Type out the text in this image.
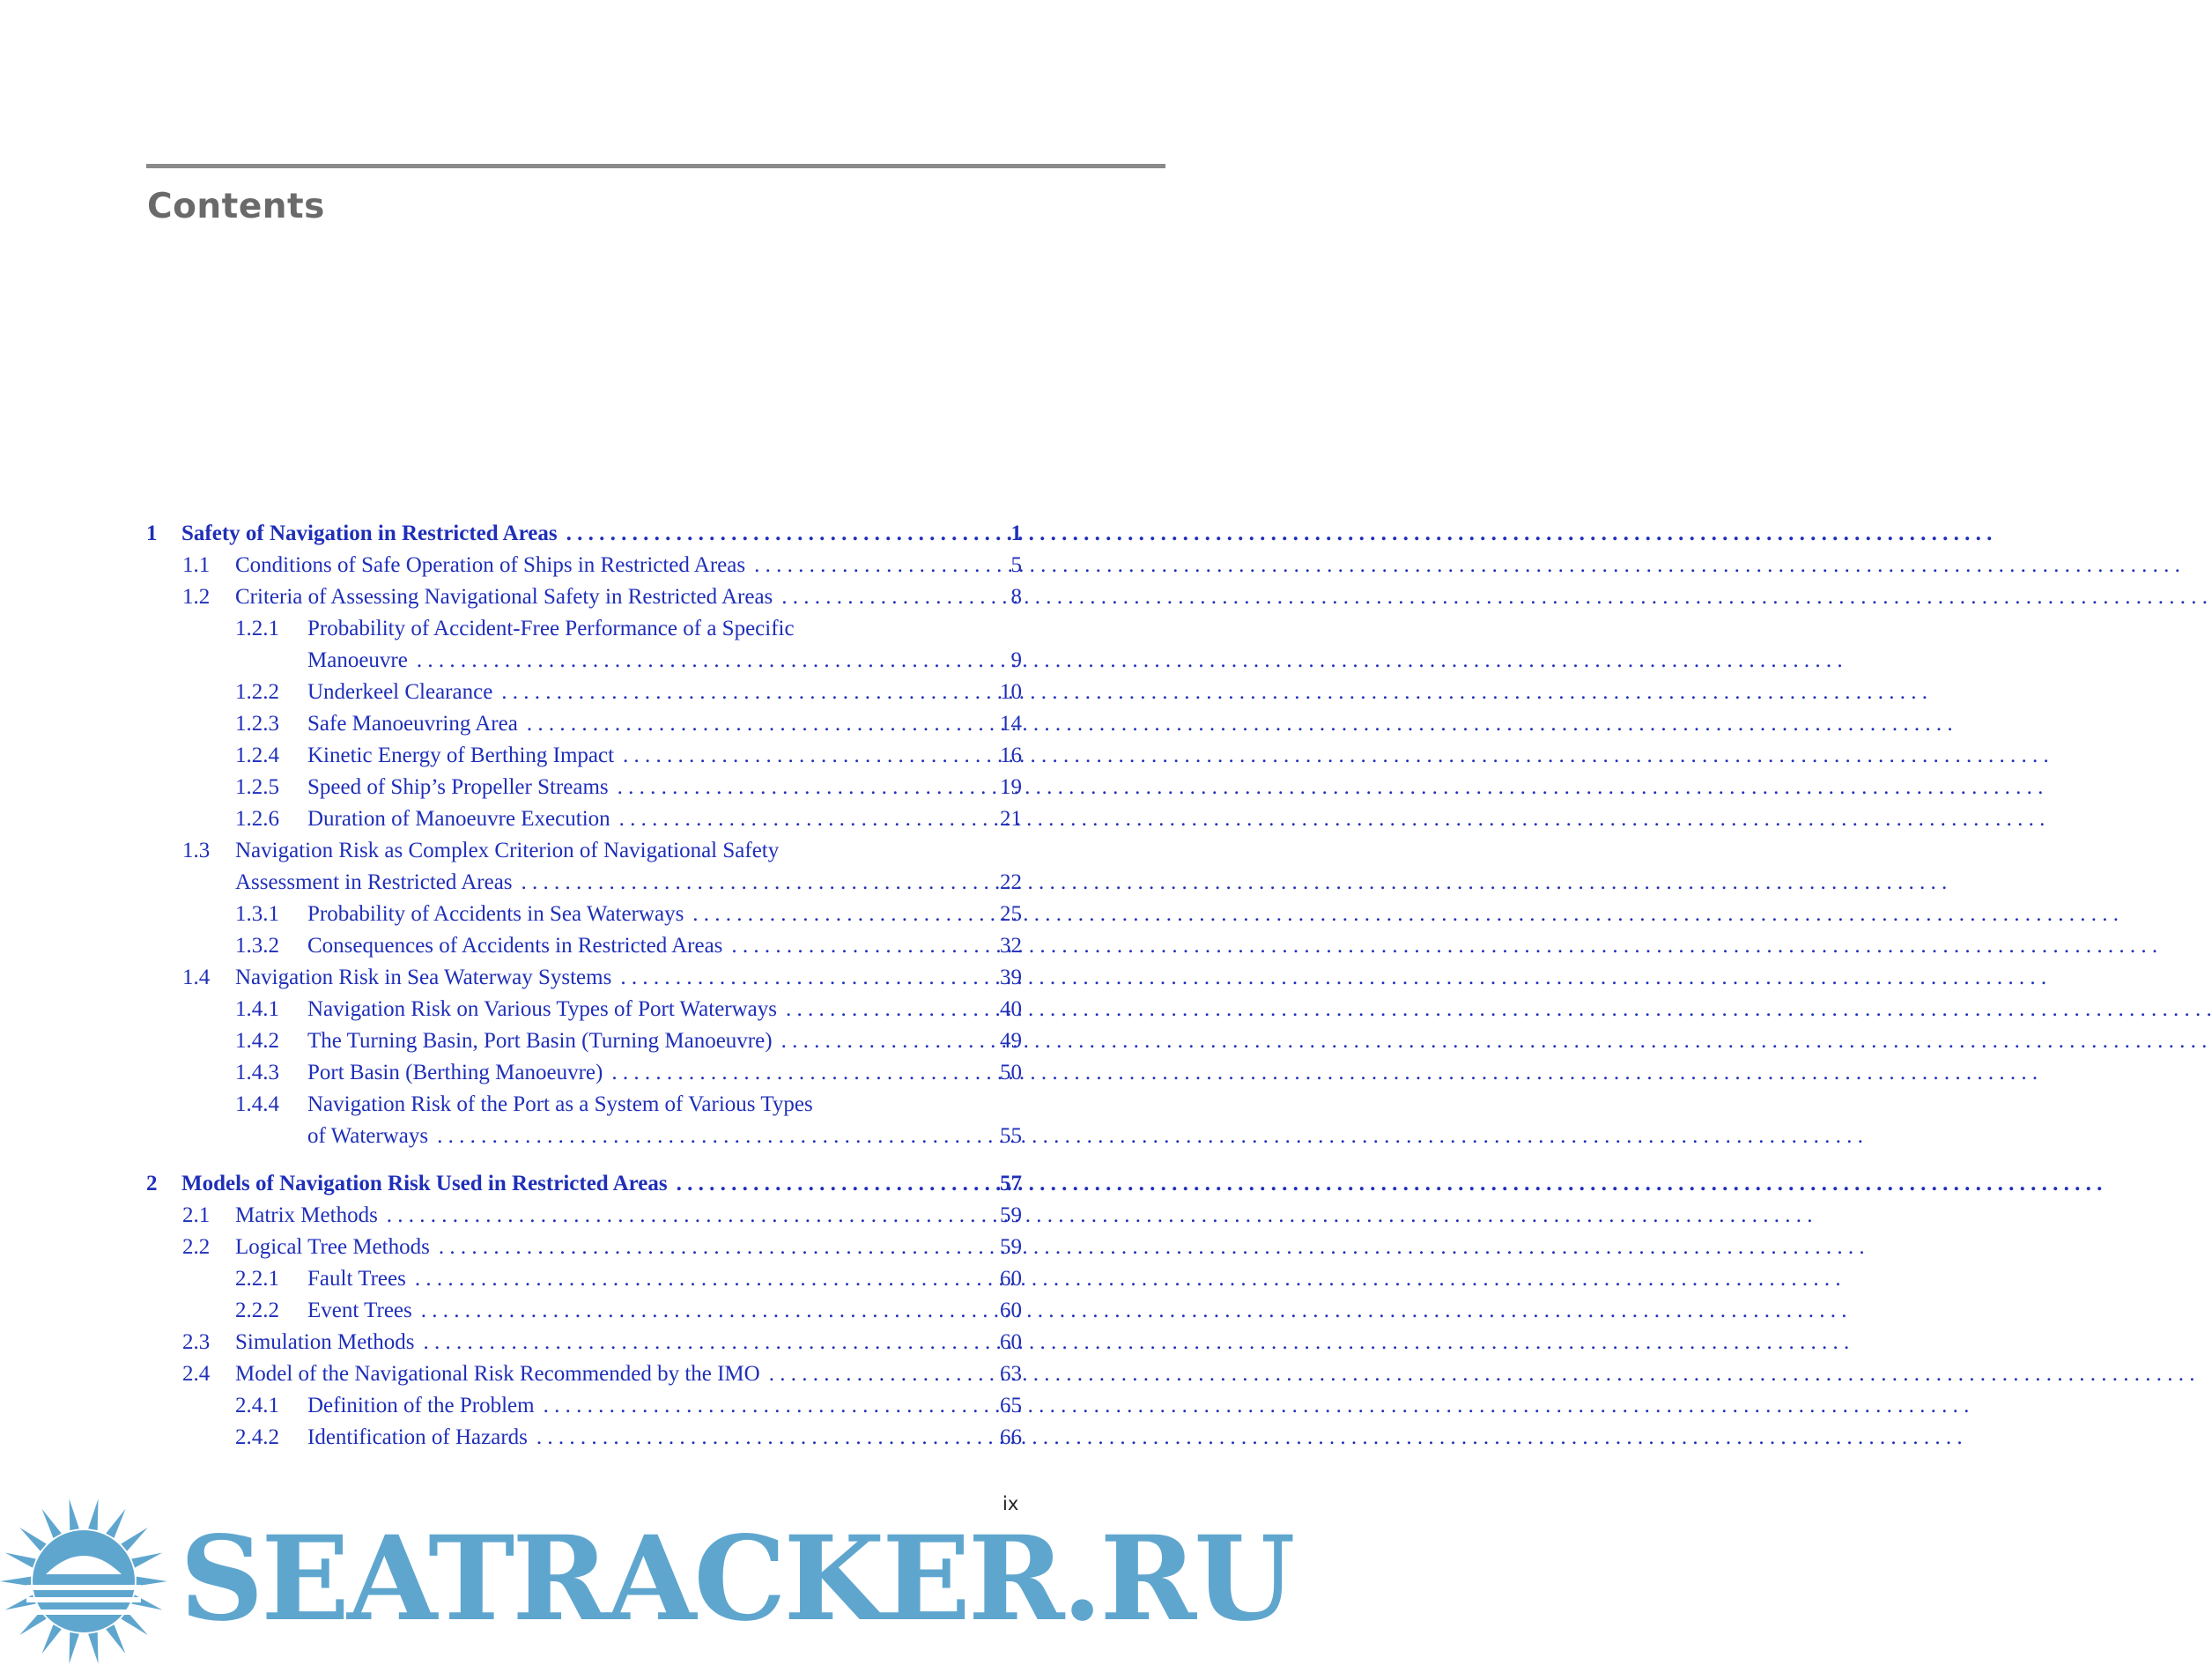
Contents
1 Safety of Navigation in Restricted Areas . . .	1
1.1 Conditions of Safe Operation of Ships in Restricted Areas . . .	5
1.2 Criteria of Assessing Navigational Safety in Restricted Areas . . .	8
1.2.1 Probability of Accident-Free Performance of a Specific
Manoeuvre . . .	9
1.2.2 Underkeel Clearance . . .	10
1.2.3 Safe Manoeuvring Area . . .	14
1.2.4 Kinetic Energy of Berthing Impact . . .	16
1.2.5 Speed of Ship’s Propeller Streams . . .	19
1.2.6 Duration of Manoeuvre Execution . . .	21
1.3 Navigation Risk as Complex Criterion of Navigational Safety
Assessment in Restricted Areas . . .	22
1.3.1 Probability of Accidents in Sea Waterways . . .	25
1.3.2 Consequences of Accidents in Restricted Areas . . .	32
1.4 Navigation Risk in Sea Waterway Systems . . .	39
1.4.1 Navigation Risk on Various Types of Port Waterways . . .	40
1.4.2 The Turning Basin, Port Basin (Turning Manoeuvre) . . .	49
1.4.3 Port Basin (Berthing Manoeuvre) . . .	50
1.4.4 Navigation Risk of the Port as a System of Various Types
of Waterways . . .	55
2 Models of Navigation Risk Used in Restricted Areas . . .	57
2.1 Matrix Methods . . .	59
2.2 Logical Tree Methods . . .	59
2.2.1 Fault Trees . . .	60
2.2.2 Event Trees . . .	60
2.3 Simulation Methods . . .	60
2.4 Model of the Navigational Risk Recommended by the IMO . . .	63
2.4.1 Definition of the Problem . . .	65
2.4.2 Identification of Hazards . . .	66
ix
SEATRACKER.RU
